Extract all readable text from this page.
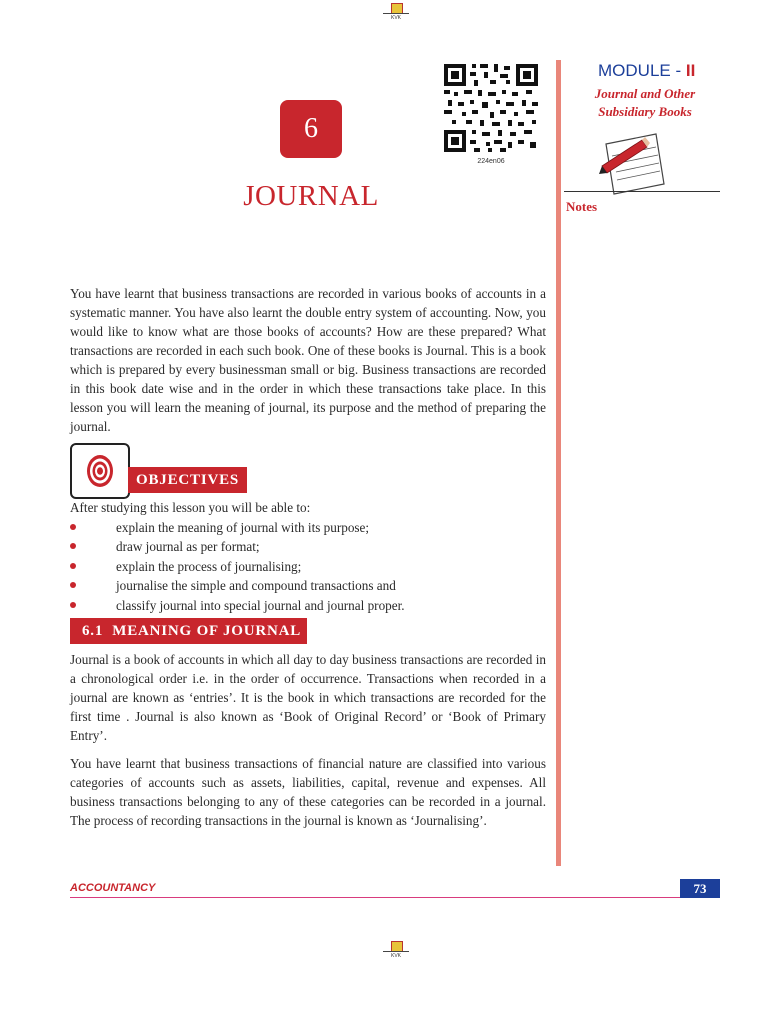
KVK
6
JOURNAL
224en06
MODULE - II
Journal and Other
Subsidiary Books
Notes

You have learnt that business transactions are recorded in various books of accounts in a systematic manner. You have also learnt the double entry system of accounting. Now, you would like to know what are those books of accounts? How are these prepared? What transactions are recorded in each such book. One of these books is Journal. This is a book which is prepared by every businessman small or big. Business transactions are recorded in this book date wise and in the order in which these transactions take place. In this lesson you will learn the meaning of journal, its purpose and the method of preparing the journal.

OBJECTIVES
After studying this lesson you will be able to:
explain the meaning of journal with its purpose;
draw journal as per format;
explain the process of journalising;
journalise the simple and compound transactions and
classify journal into special journal and journal proper.
6.1  MEANING OF JOURNAL

Journal is a book of accounts in which all day to day business transactions are recorded in a chronological order i.e. in the order of occurrence. Transactions when recorded in a journal are known as ‘entries’. It is the book in which transactions are recorded for the first time . Journal is also known as ‘Book of Original Record’ or ‘Book of Primary Entry’.

You have learnt that business transactions of financial nature are classified into various categories of accounts such as assets, liabilities, capital, revenue and expenses. All business transactions belonging to any of these categories can be recorded in a journal. The process of recording transactions in the journal is known as ‘Journalising’.

ACCOUNTANCY	73
KVK
